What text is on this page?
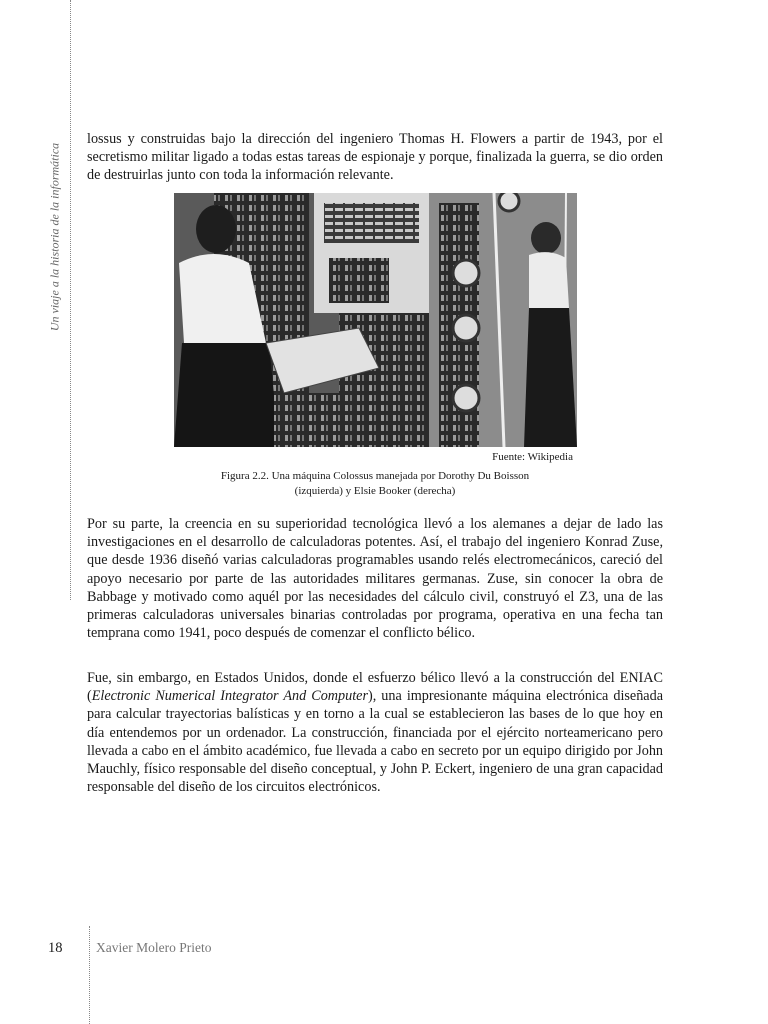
Un viaje a la historia de la informática

lossus y construidas bajo la dirección del ingeniero Thomas H. Flowers a partir de 1943, por el secretismo militar ligado a todas estas tareas de espionaje y porque, finalizada la guerra, se dio orden de destruirlas junto con toda la información relevante.

Fuente: Wikipedia
Figura 2.2. Una máquina Colossus manejada por Dorothy Du Boisson
(izquierda) y Elsie Booker (derecha)

Por su parte, la creencia en su superioridad tecnológica llevó a los alemanes a dejar de lado las investigaciones en el desarrollo de calculadoras potentes. Así, el trabajo del ingeniero Konrad Zuse, que desde 1936 diseñó varias calculadoras programables usando relés electromecánicos, careció del apoyo necesario por parte de las autoridades militares germanas. Zuse, sin conocer la obra de Babbage y motivado como aquél por las necesidades del cálculo civil, construyó el Z3, una de las primeras calculadoras universales binarias controladas por programa, operativa en una fecha tan temprana como 1941, poco después de comenzar el conflicto bélico.

Fue, sin embargo, en Estados Unidos, donde el esfuerzo bélico llevó a la construcción del ENIAC (Electronic Numerical Integrator And Computer), una impresionante máquina electrónica diseñada para calcular trayectorias balísticas y en torno a la cual se establecieron las bases de lo que hoy en día entendemos por un ordenador. La construcción, financiada por el ejército norteamericano pero llevada a cabo en el ámbito académico, fue llevada a cabo en secreto por un equipo dirigido por John Mauchly, físico responsable del diseño conceptual, y John P. Eckert, ingeniero de una gran capacidad responsable del diseño de los circuitos electrónicos.

18 Xavier Molero Prieto
